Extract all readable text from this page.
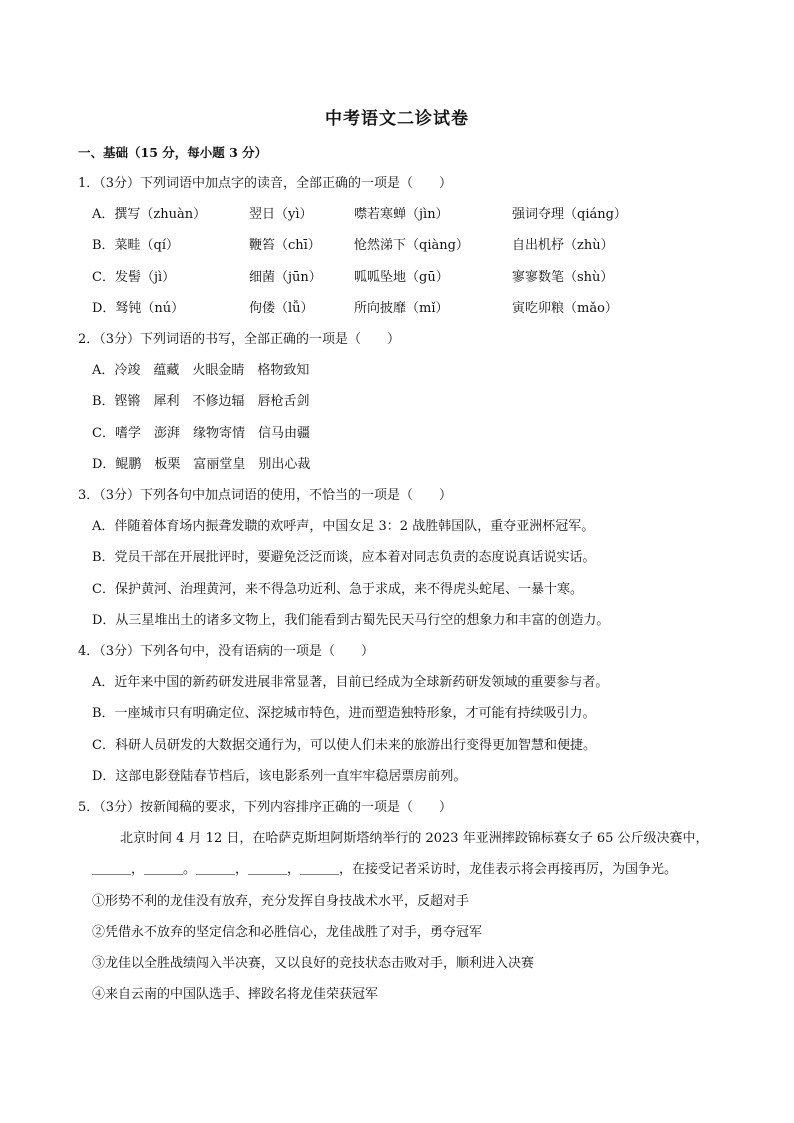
中考语文二诊试卷
一、基础（15 分，每小题 3 分）
1．（3分）下列词语中加点字的读音，全部正确的一项是（　　）
A．撰写（zhuàn）	翌日（yì）	噤若寒蝉（jìn）	强词夺理（qiáng）
B．菜畦（qí）	鞭笞（chī）	怆然涕下（qiàng）	自出机杼（zhù）
C．发髻（jì）	细菌（jūn） 呱呱坠地（gū）	寥寥数笔（shù）
D．驽钝（nú）	佝偻（lǚ）	所向披靡（mǐ）	寅吃卯粮（mǎo）
2．（3分）下列词语的书写，全部正确的一项是（　　）
A．冷竣　蕴藏　火眼金睛　格物致知
B．铿锵　犀利　不修边辐　唇枪舌剑
C．嗜学　澎湃　缘物寄情　信马由疆
D．鲲鹏　板栗　富丽堂皇　别出心裁
3．（3分）下列各句中加点词语的使用，不恰当的一项是（　　）
A．伴随着体育场内振聋发聩的欢呼声，中国女足 3：2 战胜韩国队，重夺亚洲杯冠军。
B．党员干部在开展批评时，要避免泛泛而谈，应本着对同志负责的态度说真话说实话。
C．保护黄河、治理黄河，来不得急功近利、急于求成，来不得虎头蛇尾、一暴十寒。
D．从三星堆出土的诸多文物上，我们能看到古蜀先民天马行空的想象力和丰富的创造力。
4．（3分）下列各句中，没有语病的一项是（　　）
A．近年来中国的新药研发进展非常显著，目前已经成为全球新药研发领域的重要参与者。
B．一座城市只有明确定位、深挖城市特色，进而塑造独特形象，才可能有持续吸引力。
C．科研人员研发的大数据交通行为，可以使人们未来的旅游出行变得更加智慧和便捷。
D．这部电影登陆春节档后，该电影系列一直牢牢稳居票房前列。
5．（3分）按新闻稿的要求，下列内容排序正确的一项是（　　）
北京时间 4 月 12 日，在哈萨克斯坦阿斯塔纳举行的 2023 年亚洲摔跤锦标赛女子 65 公斤级决赛中，
＿＿＿，＿＿＿。＿＿＿，＿＿＿，＿＿＿，在接受记者采访时，龙佳表示将会再接再厉，为国争光。
①形势不利的龙佳没有放弃，充分发挥自身技战术水平，反超对手
②凭借永不放弃的坚定信念和必胜信心，龙佳战胜了对手，勇夺冠军
③龙佳以全胜战绩闯入半决赛，又以良好的竞技状态击败对手，顺利进入决赛
④来自云南的中国队选手、摔跤名将龙佳荣获冠军
